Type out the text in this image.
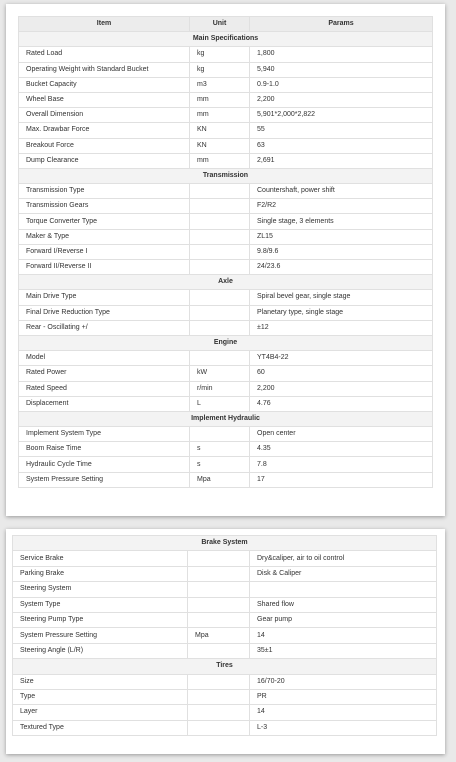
Item	Unit	Params
Main Specifications		
Rated Load	kg	1,800
Operating Weight with Standard Bucket	kg	5,940
Bucket Capacity	m3	0.9-1.0
Wheel Base	mm	2,200
Overall Dimension	mm	5,901*2,000*2,822
Max. Drawbar Force	KN	55
Breakout Force	KN	63
Dump Clearance	mm	2,691
Transmission		
Transmission Type		Countershaft, power shift
Transmission Gears		F2/R2
Torque Converter Type		Single stage, 3 elements
Maker & Type		ZL15
Forward I/Reverse I		9.8/9.6
Forward II/Reverse II		24/23.6
Axle		
Main Drive Type		Spiral bevel gear, single stage
Final Drive Reduction Type		Planetary type, single stage
Rear - Oscillating +/		±12
Engine		
Model		YT4B4-22
Rated Power	kW	60
Rated Speed	r/min	2,200
Displacement	L	4.76
Implement Hydraulic		
Implement System Type		Open center
Boom Raise Time	s	4.35
Hydraulic Cycle Time	s	7.8
System Pressure Setting	Mpa	17
Brake System		
Service Brake		Dry&caliper, air to oil control
Parking Brake		Disk & Caliper
Steering System		
System Type		Shared flow
Steering Pump Type		Gear pump
System Pressure Setting	Mpa	14
Steering Angle (L/R)		35±1
Tires		
Size		16/70-20
Type		PR
Layer		14
Textured Type		L-3
